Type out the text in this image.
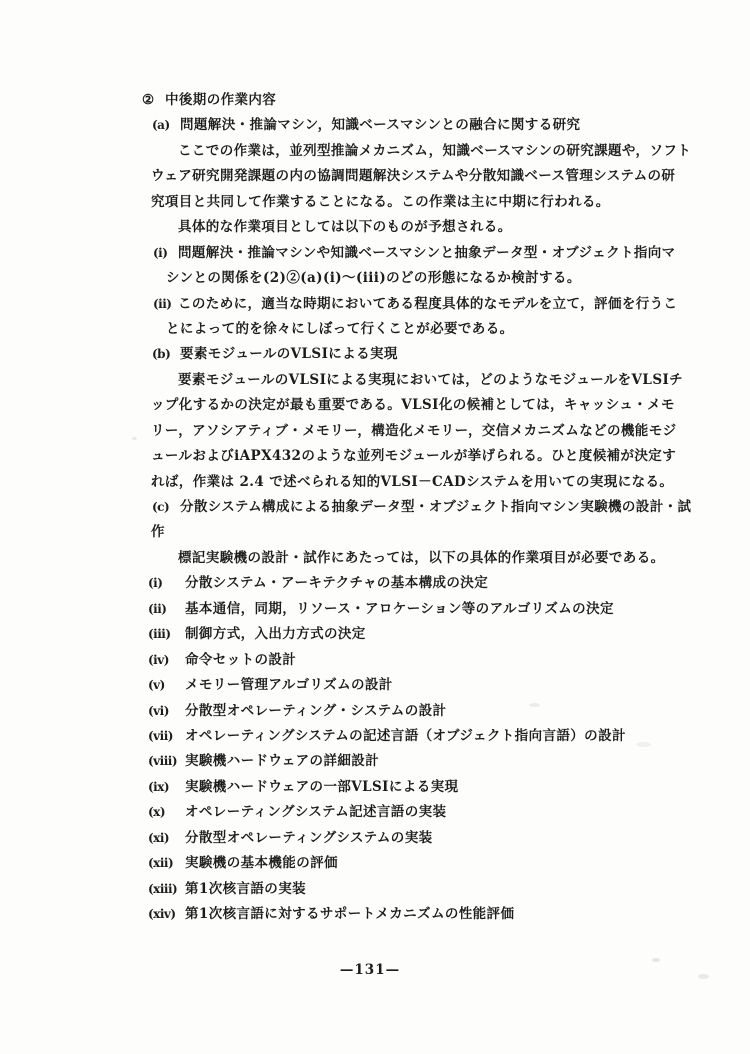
② 中後期の作業内容
(a) 問題解決・推論マシン，知識ベースマシンとの融合に関する研究
ここでの作業は，並列型推論メカニズム，知識ベースマシンの研究課題や，ソフト
ウェア研究開発課題の内の協調問題解決システムや分散知識ベース管理システムの研
究項目と共同して作業することになる。この作業は主に中期に行われる。
具体的な作業項目としては以下のものが予想される。
(i) 問題解決・推論マシンや知識ベースマシンと抽象データ型・オブジェクト指向マ
シンとの関係を(2)②(a)(i)～(iii)のどの形態になるか検討する。
(ii) このために，適当な時期においてある程度具体的なモデルを立て，評価を行うこ
とによって的を徐々にしぼって行くことが必要である。
(b) 要素モジュールのVLSIによる実現
要素モジュールのVLSIによる実現においては，どのようなモジュールをVLSIチ
ップ化するかの決定が最も重要である。VLSI化の候補としては，キャッシュ・メモ
リー，アソシアティブ・メモリー，構造化メモリー，交信メカニズムなどの機能モジ
ュールおよびiAPX432のような並列モジュールが挙げられる。ひと度候補が決定す
れば，作業は 2.4 で述べられる知的VLSI－CADシステムを用いての実現になる。
(c) 分散システム構成による抽象データ型・オブジェクト指向マシン実験機の設計・試
作
標記実験機の設計・試作にあたっては，以下の具体的作業項目が必要である。
(i) 分散システム・アーキテクチャの基本構成の決定
(ii) 基本通信，同期，リソース・アロケーション等のアルゴリズムの決定
(iii) 制御方式，入出力方式の決定
(iv) 命令セットの設計
(v) メモリー管理アルゴリズムの設計
(vi) 分散型オペレーティング・システムの設計
(vii) オペレーティングシステムの記述言語（オブジェクト指向言語）の設計
(viii) 実験機ハードウェアの詳細設計
(ix) 実験機ハードウェアの一部VLSIによる実現
(x) オペレーティングシステム記述言語の実装
(xi) 分散型オペレーティングシステムの実装
(xii) 実験機の基本機能の評価
(xiii) 第1次核言語の実装
(xiv) 第1次核言語に対するサポートメカニズムの性能評価
—131—
